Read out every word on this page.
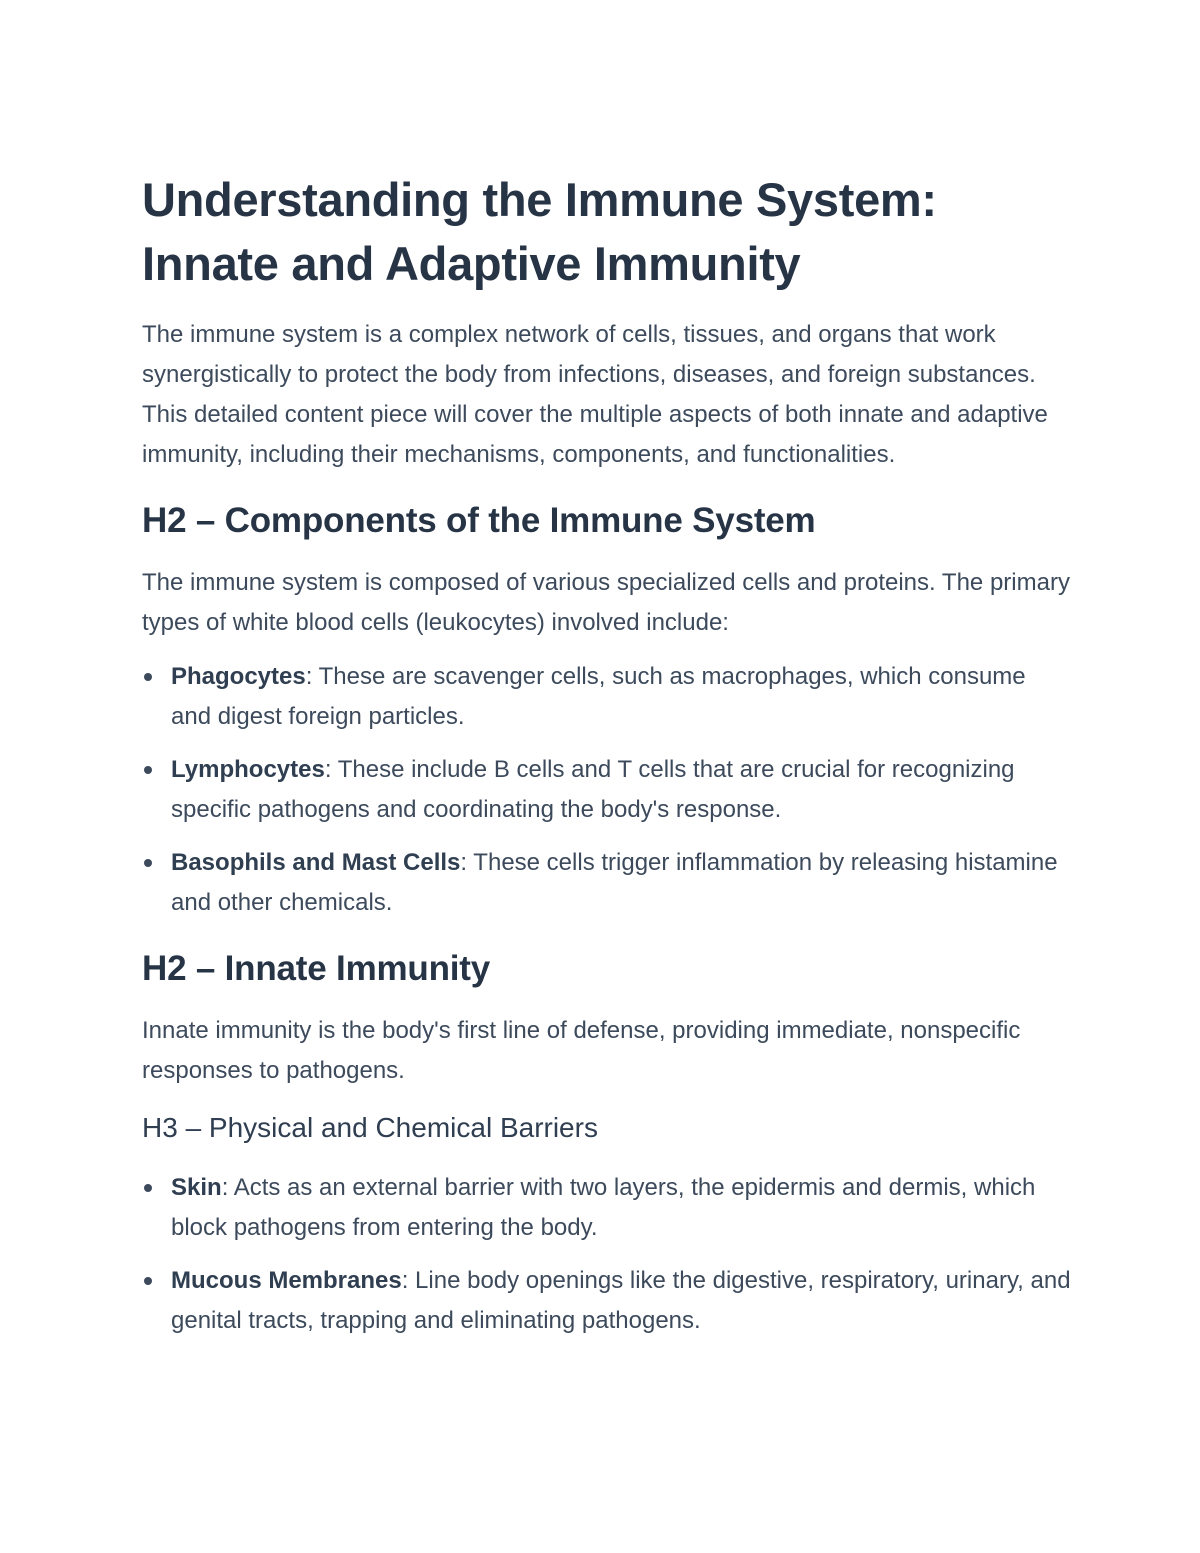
Understanding the Immune System:
Innate and Adaptive Immunity

The immune system is a complex network of cells, tissues, and organs that work synergistically to protect the body from infections, diseases, and foreign substances. This detailed content piece will cover the multiple aspects of both innate and adaptive immunity, including their mechanisms, components, and functionalities.

H2 – Components of the Immune System

The immune system is composed of various specialized cells and proteins. The primary types of white blood cells (leukocytes) involved include:

Phagocytes: These are scavenger cells, such as macrophages, which consume and digest foreign particles.
Lymphocytes: These include B cells and T cells that are crucial for recognizing specific pathogens and coordinating the body's response.
Basophils and Mast Cells: These cells trigger inflammation by releasing histamine and other chemicals.
H2 – Innate Immunity

Innate immunity is the body's first line of defense, providing immediate, nonspecific responses to pathogens.

H3 – Physical and Chemical Barriers
Skin: Acts as an external barrier with two layers, the epidermis and dermis, which block pathogens from entering the body.
Mucous Membranes: Line body openings like the digestive, respiratory, urinary, and genital tracts, trapping and eliminating pathogens.
